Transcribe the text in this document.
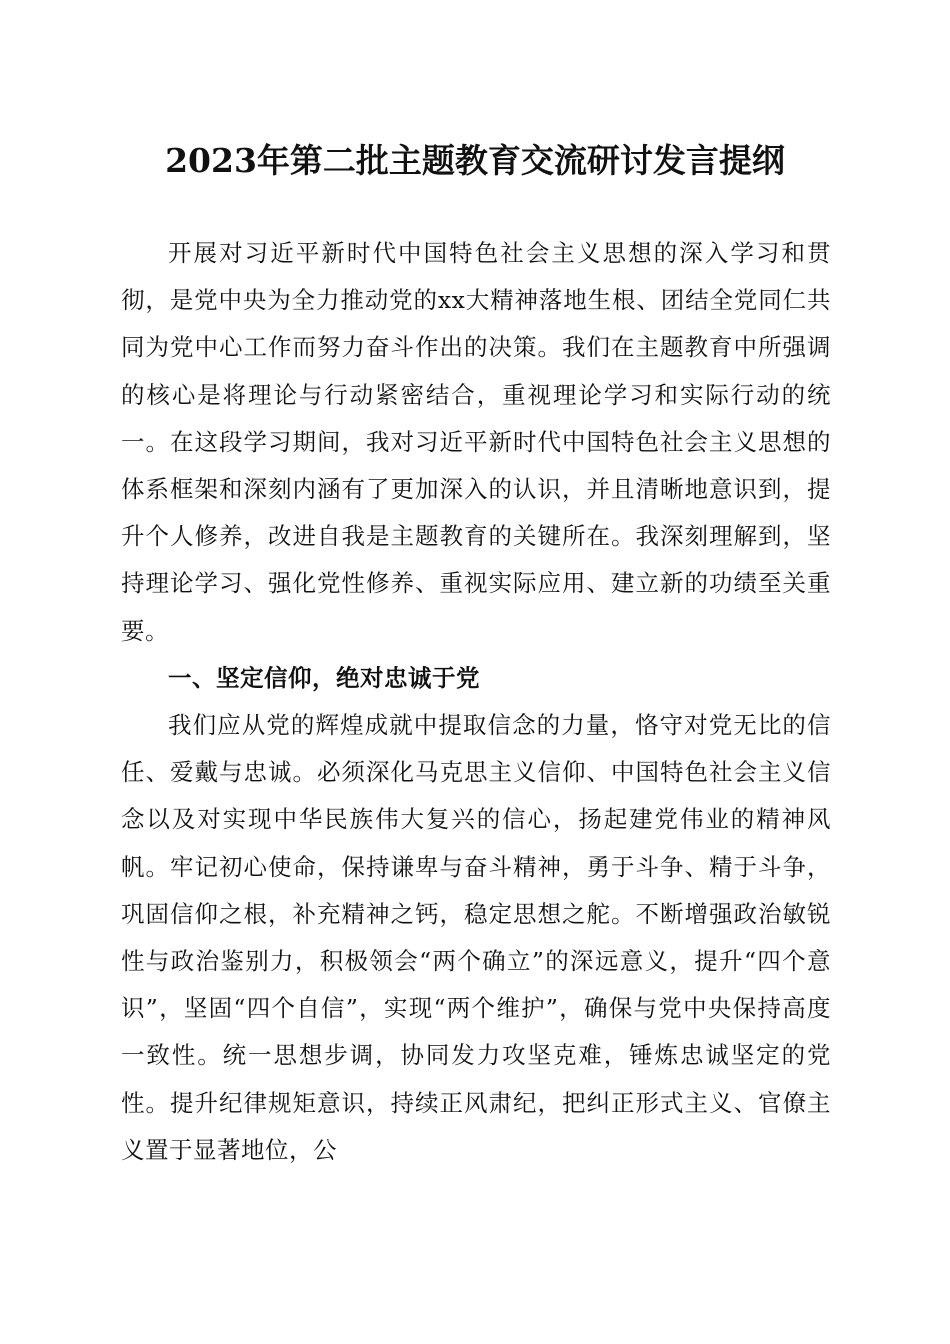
2023年第二批主题教育交流研讨发言提纲

开展对习近平新时代中国特色社会主义思想的深入学习和贯彻，是党中央为全力推动党的xx大精神落地生根、团结全党同仁共同为党中心工作而努力奋斗作出的决策。我们在主题教育中所强调的核心是将理论与行动紧密结合，重视理论学习和实际行动的统一。在这段学习期间，我对习近平新时代中国特色社会主义思想的体系框架和深刻内涵有了更加深入的认识，并且清晰地意识到，提升个人修养，改进自我是主题教育的关键所在。我深刻理解到，坚持理论学习、强化党性修养、重视实际应用、建立新的功绩至关重要。

一、坚定信仰，绝对忠诚于党

我们应从党的辉煌成就中提取信念的力量，恪守对党无比的信任、爱戴与忠诚。必须深化马克思主义信仰、中国特色社会主义信念以及对实现中华民族伟大复兴的信心，扬起建党伟业的精神风帆。牢记初心使命，保持谦卑与奋斗精神，勇于斗争、精于斗争，巩固信仰之根，补充精神之钙，稳定思想之舵。不断增强政治敏锐性与政治鉴别力，积极领会“两个确立”的深远意义，提升“四个意识”，坚固“四个自信”，实现“两个维护”，确保与党中央保持高度一致性。统一思想步调，协同发力攻坚克难，锤炼忠诚坚定的党性。提升纪律规矩意识，持续正风肃纪，把纠正形式主义、官僚主义置于显著地位，公
